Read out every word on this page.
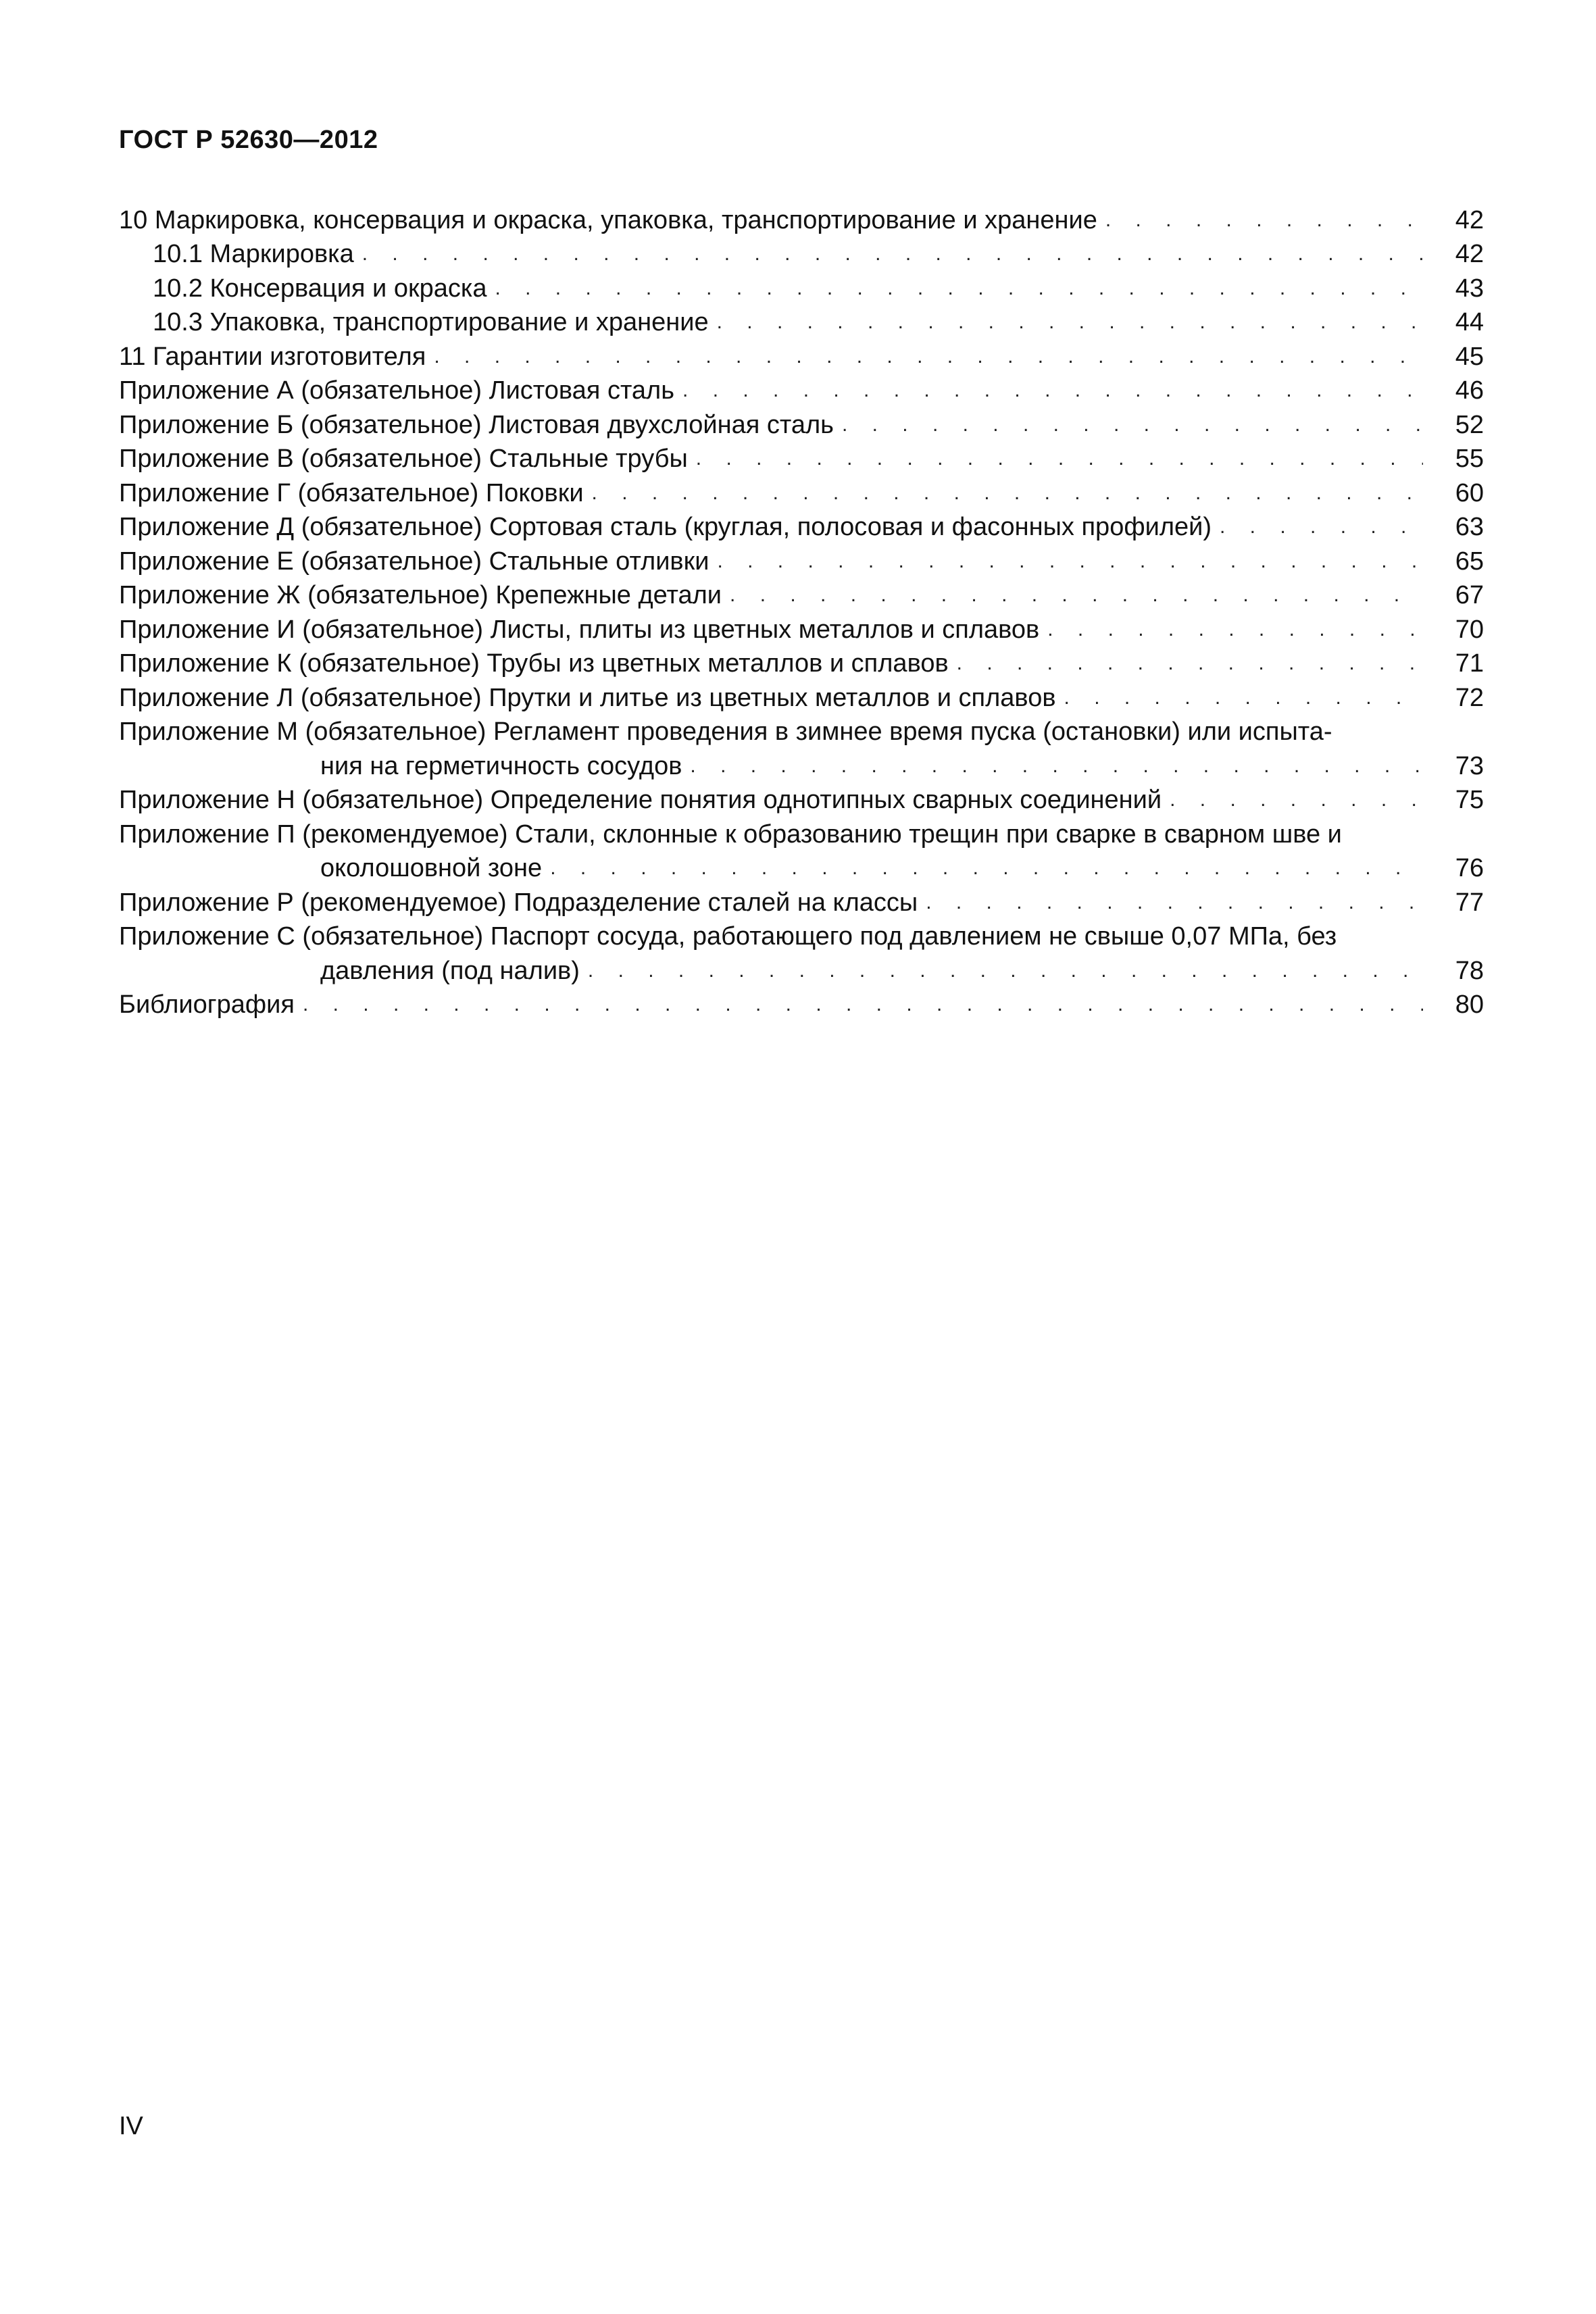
ГОСТ Р 52630—2012
10 Маркировка, консервация и окраска, упаковка, транспортирование и хранение . . .	42
10.1 Маркировка . . .	42
10.2 Консервация и окраска . . .	43
10.3 Упаковка, транспортирование и хранение . . .	44
11 Гарантии изготовителя . . .	45
Приложение А (обязательное) Листовая сталь . . .	46
Приложение Б (обязательное) Листовая двухслойная сталь . . .	52
Приложение В (обязательное) Стальные трубы . . .	55
Приложение Г (обязательное) Поковки . . .	60
Приложение Д (обязательное) Сортовая сталь (круглая, полосовая и фасонных профилей) . . .	63
Приложение Е (обязательное) Стальные отливки . . .	65
Приложение Ж (обязательное) Крепежные детали . . .	67
Приложение И (обязательное) Листы, плиты из цветных металлов и сплавов . . .	70
Приложение К (обязательное) Трубы из цветных металлов и сплавов . . .	71
Приложение Л (обязательное) Прутки и литье из цветных металлов и сплавов . . .	72
Приложение М (обязательное) Регламент проведения в зимнее время пуска (остановки) или испыта-
ния на герметичность сосудов . . .	73
Приложение Н (обязательное) Определение понятия однотипных сварных соединений . . .	75
Приложение П (рекомендуемое) Стали, склонные к образованию трещин при сварке в сварном шве и
околошовной зоне . . .	76
Приложение Р (рекомендуемое) Подразделение сталей на классы . . .	77
Приложение С (обязательное) Паспорт сосуда, работающего под давлением не свыше 0,07 МПа, без
давления (под налив) . . .	78
Библиография . . .	80
IV
